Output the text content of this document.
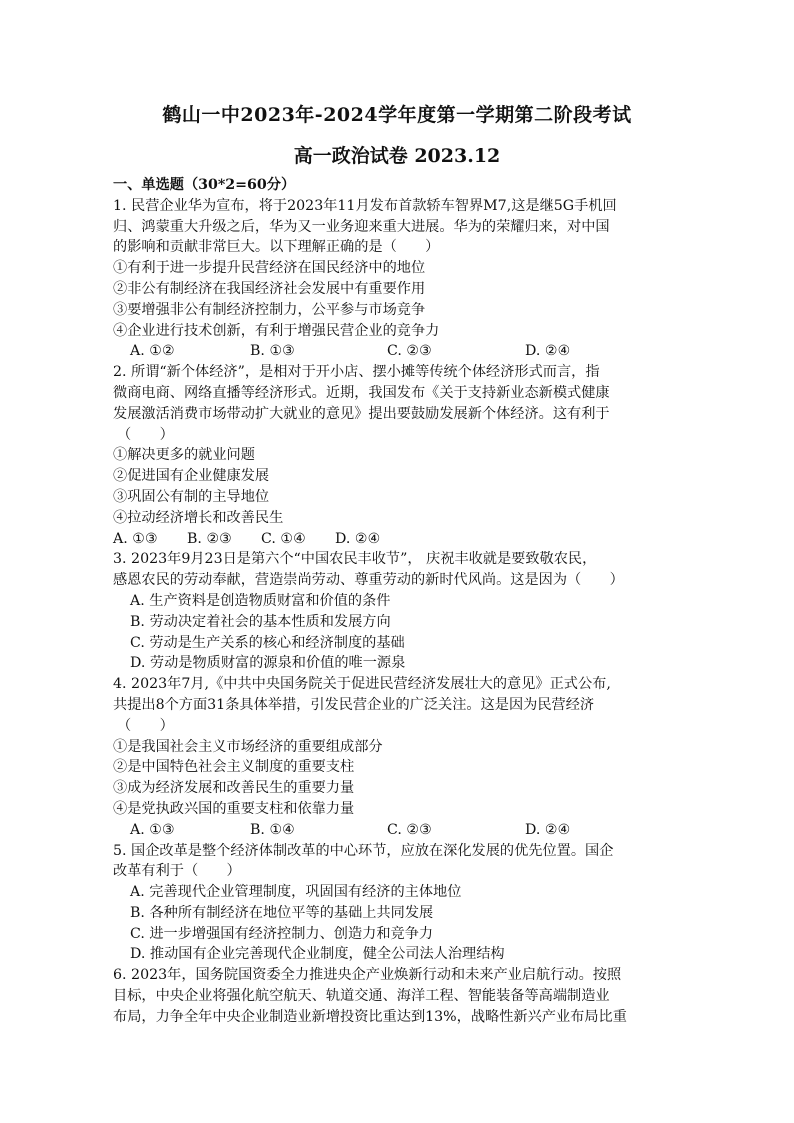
鹤山一中2023年-2024学年度第一学期第二阶段考试
高一政治试卷 2023.12
一、单选题（30*2=60分）
1. 民营企业华为宣布，将于2023年11月发布首款轿车智界M7,这是继5G手机回
归、鸿蒙重大升级之后，华为又一业务迎来重大进展。华为的荣耀归来，对中国
的影响和贡献非常巨大。以下理解正确的是（　　）
①有利于进一步提升民营经济在国民经济中的地位
②非公有制经济在我国经济社会发展中有重要作用
③要增强非公有制经济控制力，公平参与市场竞争
④企业进行技术创新，有利于增强民营企业的竞争力
A. ①②	B. ①③	C. ②③	D. ②④
2. 所谓“新个体经济”，是相对于开小店、摆小摊等传统个体经济形式而言，指
微商电商、网络直播等经济形式。近期，我国发布《关于支持新业态新模式健康
发展激活消费市场带动扩大就业的意见》提出要鼓励发展新个体经济。这有利于
（　　）
①解决更多的就业问题
②促进国有企业健康发展
③巩固公有制的主导地位
④拉动经济增长和改善民生
A. ①③ B. ②③ C. ①④ D. ②④
3. 2023年9月23日是第六个“中国农民丰收节”， 庆祝丰收就是要致敬农民，
感恩农民的劳动奉献，营造崇尚劳动、尊重劳动的新时代风尚。这是因为（　　）
A. 生产资料是创造物质财富和价值的条件
B. 劳动决定着社会的基本性质和发展方向
C. 劳动是生产关系的核心和经济制度的基础
D. 劳动是物质财富的源泉和价值的唯一源泉
4. 2023年7月,《中共中央国务院关于促进民营经济发展壮大的意见》正式公布,
共提出8个方面31条具体举措，引发民营企业的广泛关注。这是因为民营经济
（　　）
①是我国社会主义市场经济的重要组成部分
②是中国特色社会主义制度的重要支柱
③成为经济发展和改善民生的重要力量
④是党执政兴国的重要支柱和依靠力量
A. ①③	B. ①④	C. ②③	D. ②④
5. 国企改革是整个经济体制改革的中心环节，应放在深化发展的优先位置。国企
改革有利于（　　）
A. 完善现代企业管理制度，巩固国有经济的主体地位
B. 各种所有制经济在地位平等的基础上共同发展
C. 进一步增强国有经济控制力、创造力和竞争力
D. 推动国有企业完善现代企业制度，健全公司法人治理结构
6. 2023年，国务院国资委全力推进央企产业焕新行动和未来产业启航行动。按照
目标，中央企业将强化航空航天、轨道交通、海洋工程、智能装备等高端制造业
布局，力争全年中央企业制造业新增投资比重达到13%，战略性新兴产业布局比重
